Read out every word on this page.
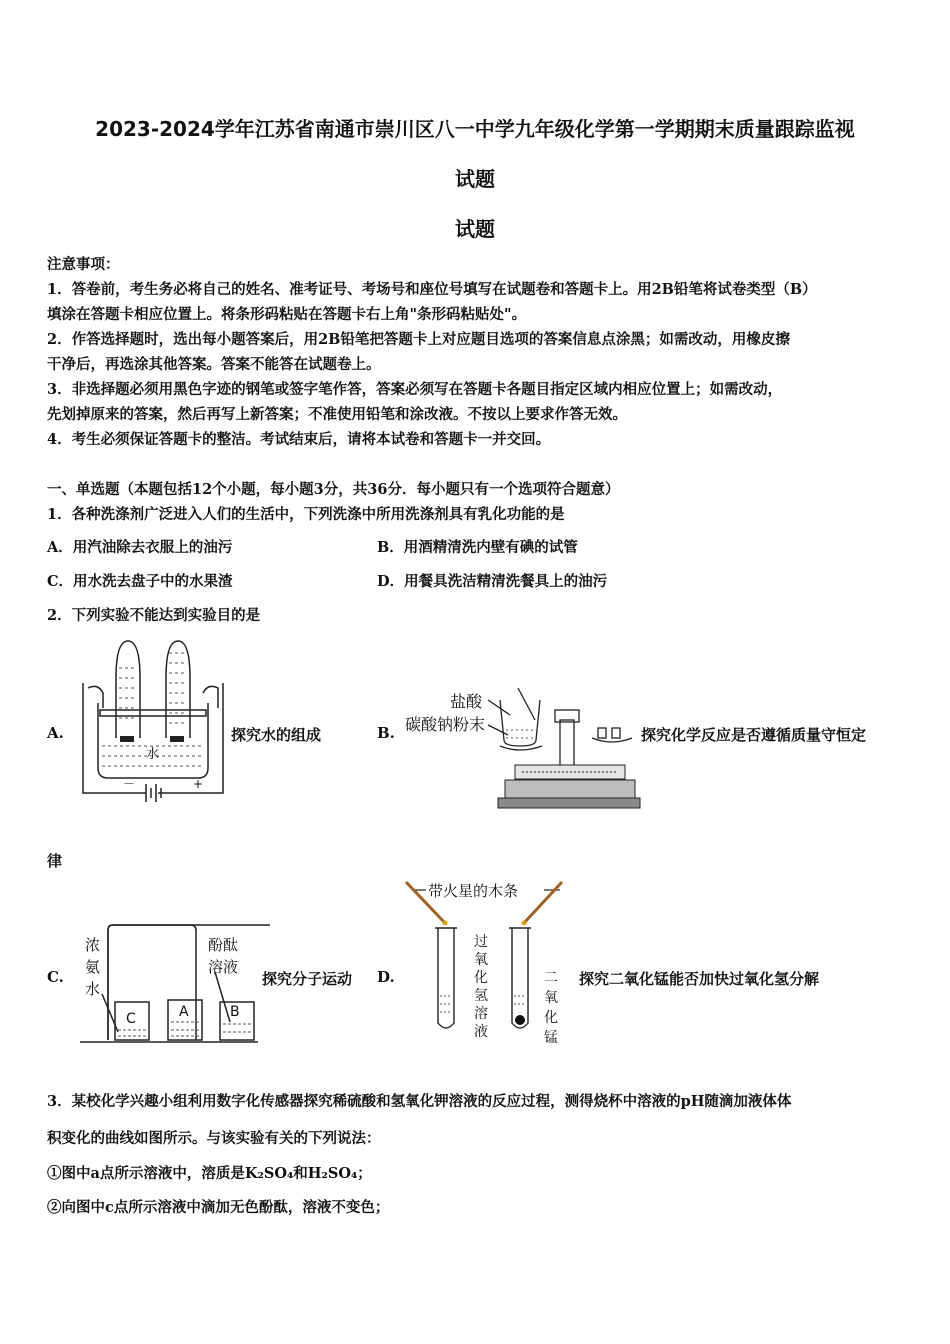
2023-2024学年江苏省南通市崇川区八一中学九年级化学第一学期期末质量跟踪监视
试题
试题
注意事项：
1．答卷前，考生务必将自己的姓名、准考证号、考场号和座位号填写在试题卷和答题卡上。用2B铅笔将试卷类型（B）
填涂在答题卡相应位置上。将条形码粘贴在答题卡右上角"条形码粘贴处"。
2．作答选择题时，选出每小题答案后，用2B铅笔把答题卡上对应题目选项的答案信息点涂黑；如需改动，用橡皮擦
干净后，再选涂其他答案。答案不能答在试题卷上。
3．非选择题必须用黑色字迹的钢笔或签字笔作答，答案必须写在答题卡各题目指定区域内相应位置上；如需改动，
先划掉原来的答案，然后再写上新答案；不准使用铅笔和涂改液。不按以上要求作答无效。
4．考生必须保证答题卡的整洁。考试结束后，请将本试卷和答题卡一并交回。
一、单选题（本题包括12个小题，每小题3分，共36分．每小题只有一个选项符合题意）
1．各种洗涤剂广泛进入人们的生活中，下列洗涤中所用洗涤剂具有乳化功能的是
A．用汽油除去衣服上的油污	B．用酒精清洗内壁有碘的试管
C．用水洗去盘子中的水果渣	D．用餐具洗洁精清洗餐具上的油污
2．下列实验不能达到实验目的是
A.
水
－	+
探究水的组成	B.
盐酸
碳酸钠粉末
探究化学反应是否遵循质量守恒定
律
C.
浓
氨
水
酚酞
溶液
C	A	B
探究分子运动 D.
带火星的木条
过
氧
化
氢
溶
液
二
氧
化
锰
探究二氧化锰能否加快过氧化氢分解
3．某校化学兴趣小组利用数字化传感器探究稀硫酸和氢氧化钾溶液的反应过程，测得烧杯中溶液的pH随滴加液体体
积变化的曲线如图所示。与该实验有关的下列说法：
①图中a点所示溶液中，溶质是K₂SO₄和H₂SO₄；
②向图中c点所示溶液中滴加无色酚酞，溶液不变色；
